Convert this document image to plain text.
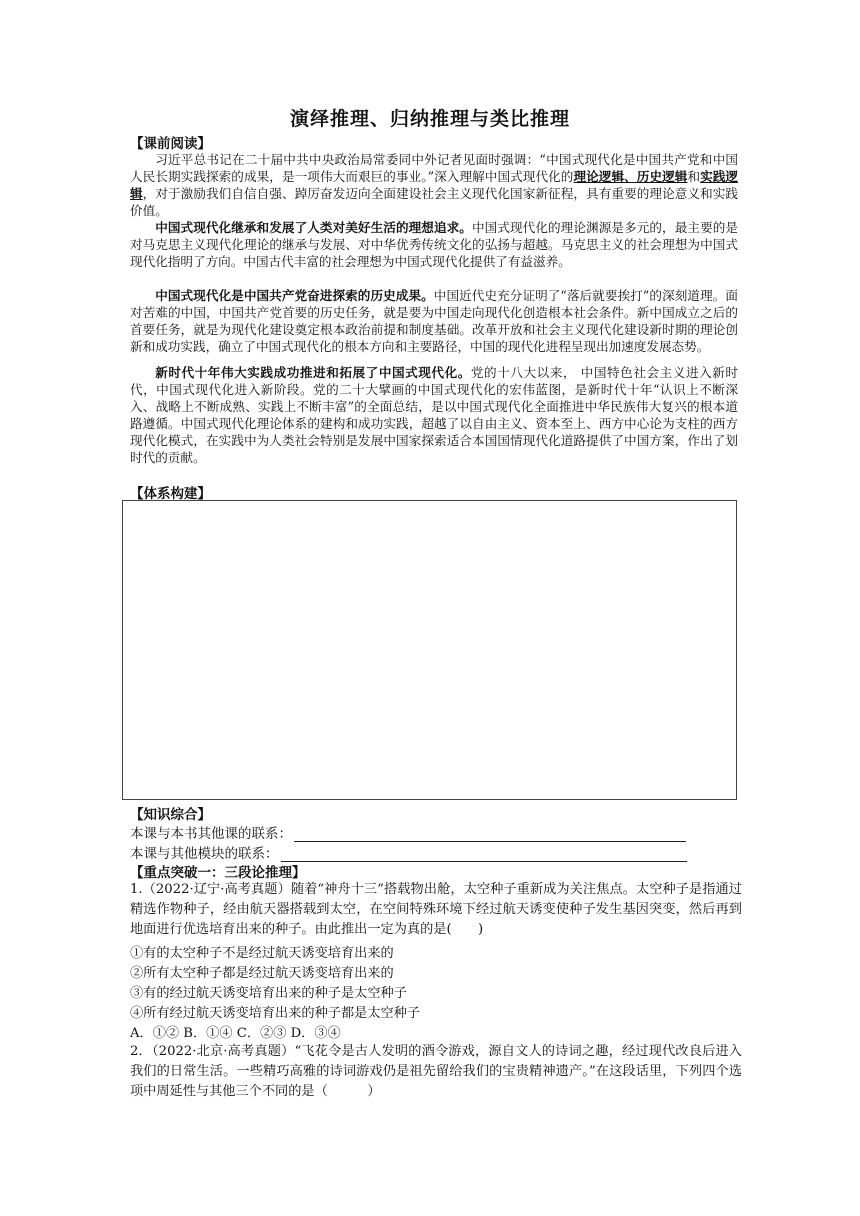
演绎推理、归纳推理与类比推理
【课前阅读】

习近平总书记在二十届中共中央政治局常委同中外记者见面时强调：“中国式现代化是中国共产党和中国人民长期实践探索的成果，是一项伟大而艰巨的事业。”深入理解中国式现代化的理论逻辑、历史逻辑和实践逻辑，对于激励我们自信自强、踔厉奋发迈向全面建设社会主义现代化国家新征程，具有重要的理论意义和实践价值。

中国式现代化继承和发展了人类对美好生活的理想追求。中国式现代化的理论渊源是多元的，最主要的是对马克思主义现代化理论的继承与发展、对中华优秀传统文化的弘扬与超越。马克思主义的社会理想为中国式现代化指明了方向。中国古代丰富的社会理想为中国式现代化提供了有益滋养。

中国式现代化是中国共产党奋进探索的历史成果。中国近代史充分证明了“落后就要挨打”的深刻道理。面对苦难的中国，中国共产党首要的历史任务，就是要为中国走向现代化创造根本社会条件。新中国成立之后的首要任务，就是为现代化建设奠定根本政治前提和制度基础。改革开放和社会主义现代化建设新时期的理论创新和成功实践，确立了中国式现代化的根本方向和主要路径，中国的现代化进程呈现出加速度发展态势。

新时代十年伟大实践成功推进和拓展了中国式现代化。党的十八大以来， 中国特色社会主义进入新时代，中国式现代化进入新阶段。党的二十大擘画的中国式现代化的宏伟蓝图，是新时代十年“认识上不断深入、战略上不断成熟、实践上不断丰富”的全面总结，是以中国式现代化全面推进中华民族伟大复兴的根本道路遵循。中国式现代化理论体系的建构和成功实践，超越了以自由主义、资本至上、西方中心论为支柱的西方现代化模式，在实践中为人类社会特别是发展中国家探索适合本国国情现代化道路提供了中国方案，作出了划时代的贡献。

【体系构建】
【知识综合】
本课与本书其他课的联系：
本课与其他模块的联系：
【重点突破一：三段论推理】

1.（2022·辽宁·高考真题）随着“神舟十三”搭载物出舱，太空种子重新成为关注焦点。太空种子是指通过精选作物种子，经由航天器搭载到太空，在空间特殊环境下经过航天诱变使种子发生基因突变，然后再到地面进行优选培育出来的种子。由此推出一定为真的是(　　)

①有的太空种子不是经过航天诱变培育出来的
②所有太空种子都是经过航天诱变培育出来的
③有的经过航天诱变培育出来的种子是太空种子
④所有经过航天诱变培育出来的种子都是太空种子
A．①② B．①④ C．②③ D．③④

2．（2022·北京·高考真题）“飞花令是古人发明的酒令游戏，源自文人的诗词之趣，经过现代改良后进入我们的日常生活。一些精巧高雅的诗词游戏仍是祖先留给我们的宝贵精神遗产。”在这段话里，下列四个选项中周延性与其他三个不同的是（　　　）
